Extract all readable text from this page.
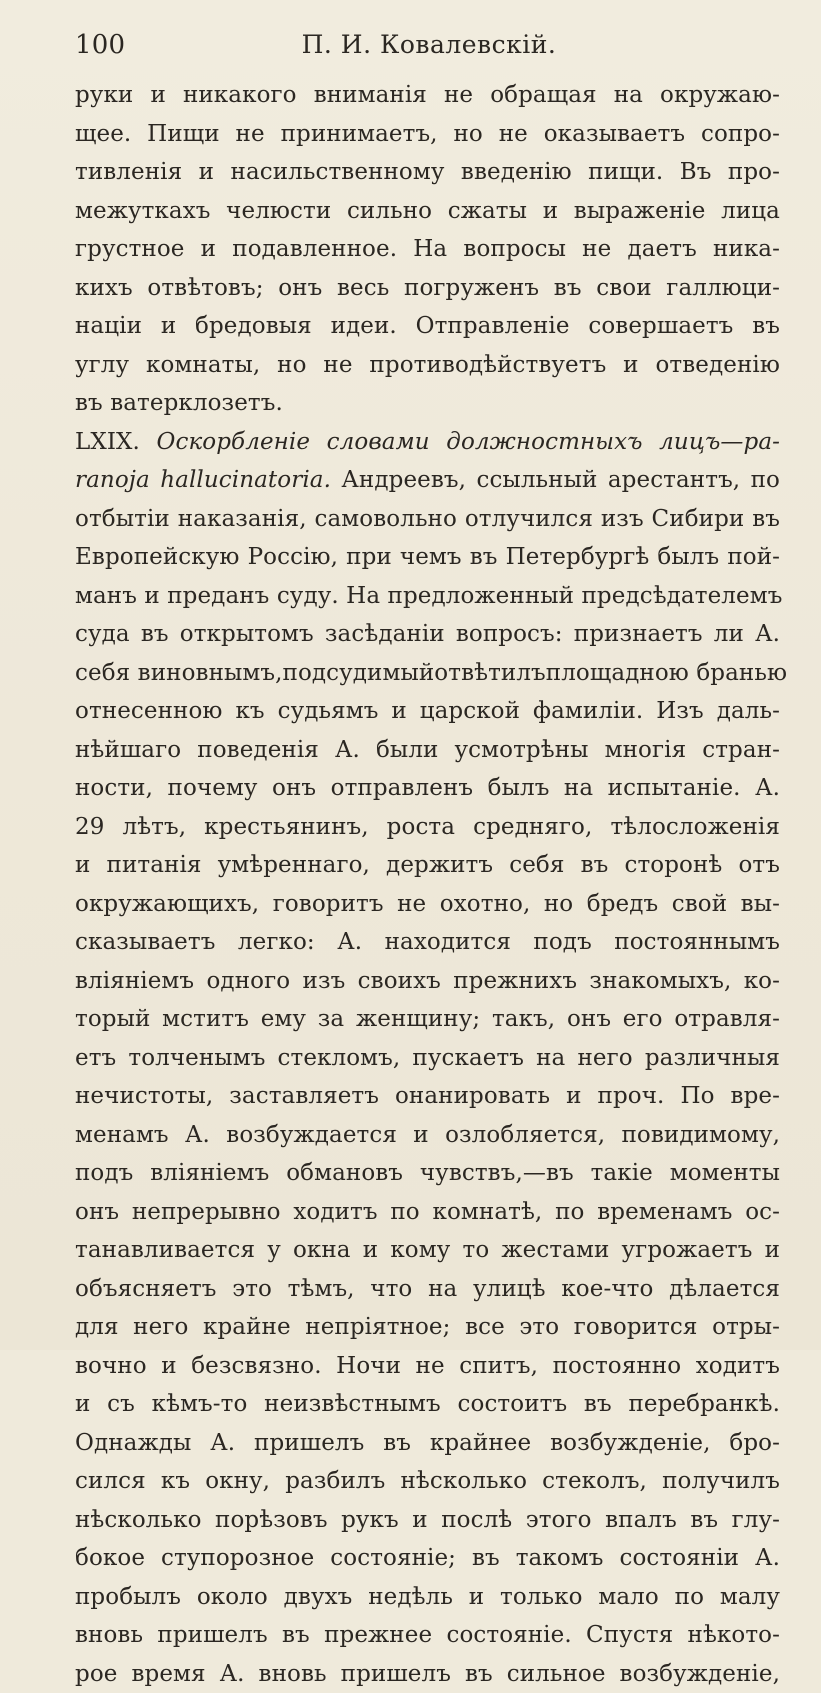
100	П. И. Ковалевскій.
руки и никакого вниманія не обращая на окружаю-
щее. Пищи не принимаетъ, но не оказываетъ сопро-
тивленія и насильственному введенію пищи. Въ про-
межуткахъ челюсти сильно сжаты и выраженіе лица
грустное и подавленное. На вопросы не даетъ ника-
кихъ отвѣтовъ; онъ весь погруженъ въ свои галлюци-
націи и бредовыя идеи. Отправленіе совершаетъ въ
углу комнаты, но не противодѣйствуетъ и отведенію
въ ватерклозетъ.
LXIX. Оскорбленіе словами должностныхъ лицъ—pa-
ranoja hallucinatoria. Андреевъ, ссыльный арестантъ, по
отбытіи наказанія, самовольно отлучился изъ Сибири въ
Европейскую Россію, при чемъ въ Петербургѣ былъ пой-
манъ и преданъ суду. На предложенный предсѣдателемъ
суда въ открытомъ засѣданіи вопросъ: признаетъ ли А.
себя виновнымъ,подсудимыйотвѣтилъплощадною бранью
отнесенною къ судьямъ и царской фамиліи. Изъ даль-
нѣйшаго поведенія А. были усмотрѣны многія стран-
ности, почему онъ отправленъ былъ на испытаніе. А.
29 лѣтъ, крестьянинъ, роста средняго, тѣлосложенія
и питанія умѣреннаго, держитъ себя въ сторонѣ отъ
окружающихъ, говоритъ не охотно, но бредъ свой вы-
сказываетъ легко: А. находится подъ постояннымъ
вліяніемъ одного изъ своихъ прежнихъ знакомыхъ, ко-
торый мститъ ему за женщину; такъ, онъ его отравля-
етъ толченымъ стекломъ, пускаетъ на него различныя
нечистоты, заставляетъ онанировать и проч. По вре-
менамъ А. возбуждается и озлобляется, повидимому,
подъ вліяніемъ обмановъ чувствъ,—въ такіе моменты
онъ непрерывно ходитъ по комнатѣ, по временамъ ос-
танавливается у окна и кому то жестами угрожаетъ и
объясняетъ это тѣмъ, что на улицѣ кое-что дѣлается
для него крайне непріятное; все это говорится отры-
вочно и безсвязно. Ночи не спитъ, постоянно ходитъ
и съ кѣмъ-то неизвѣстнымъ состоитъ въ перебранкѣ.
Однажды А. пришелъ въ крайнее возбужденіе, бро-
сился къ окну, разбилъ нѣсколько стеколъ, получилъ
нѣсколько порѣзовъ рукъ и послѣ этого впалъ въ глу-
бокое ступорозное состояніе; въ такомъ состояніи А.
пробылъ около двухъ недѣль и только мало по малу
вновь пришелъ въ прежнее состояніе. Спустя нѣкото-
рое время А. вновь пришелъ въ сильное возбужденіе,
